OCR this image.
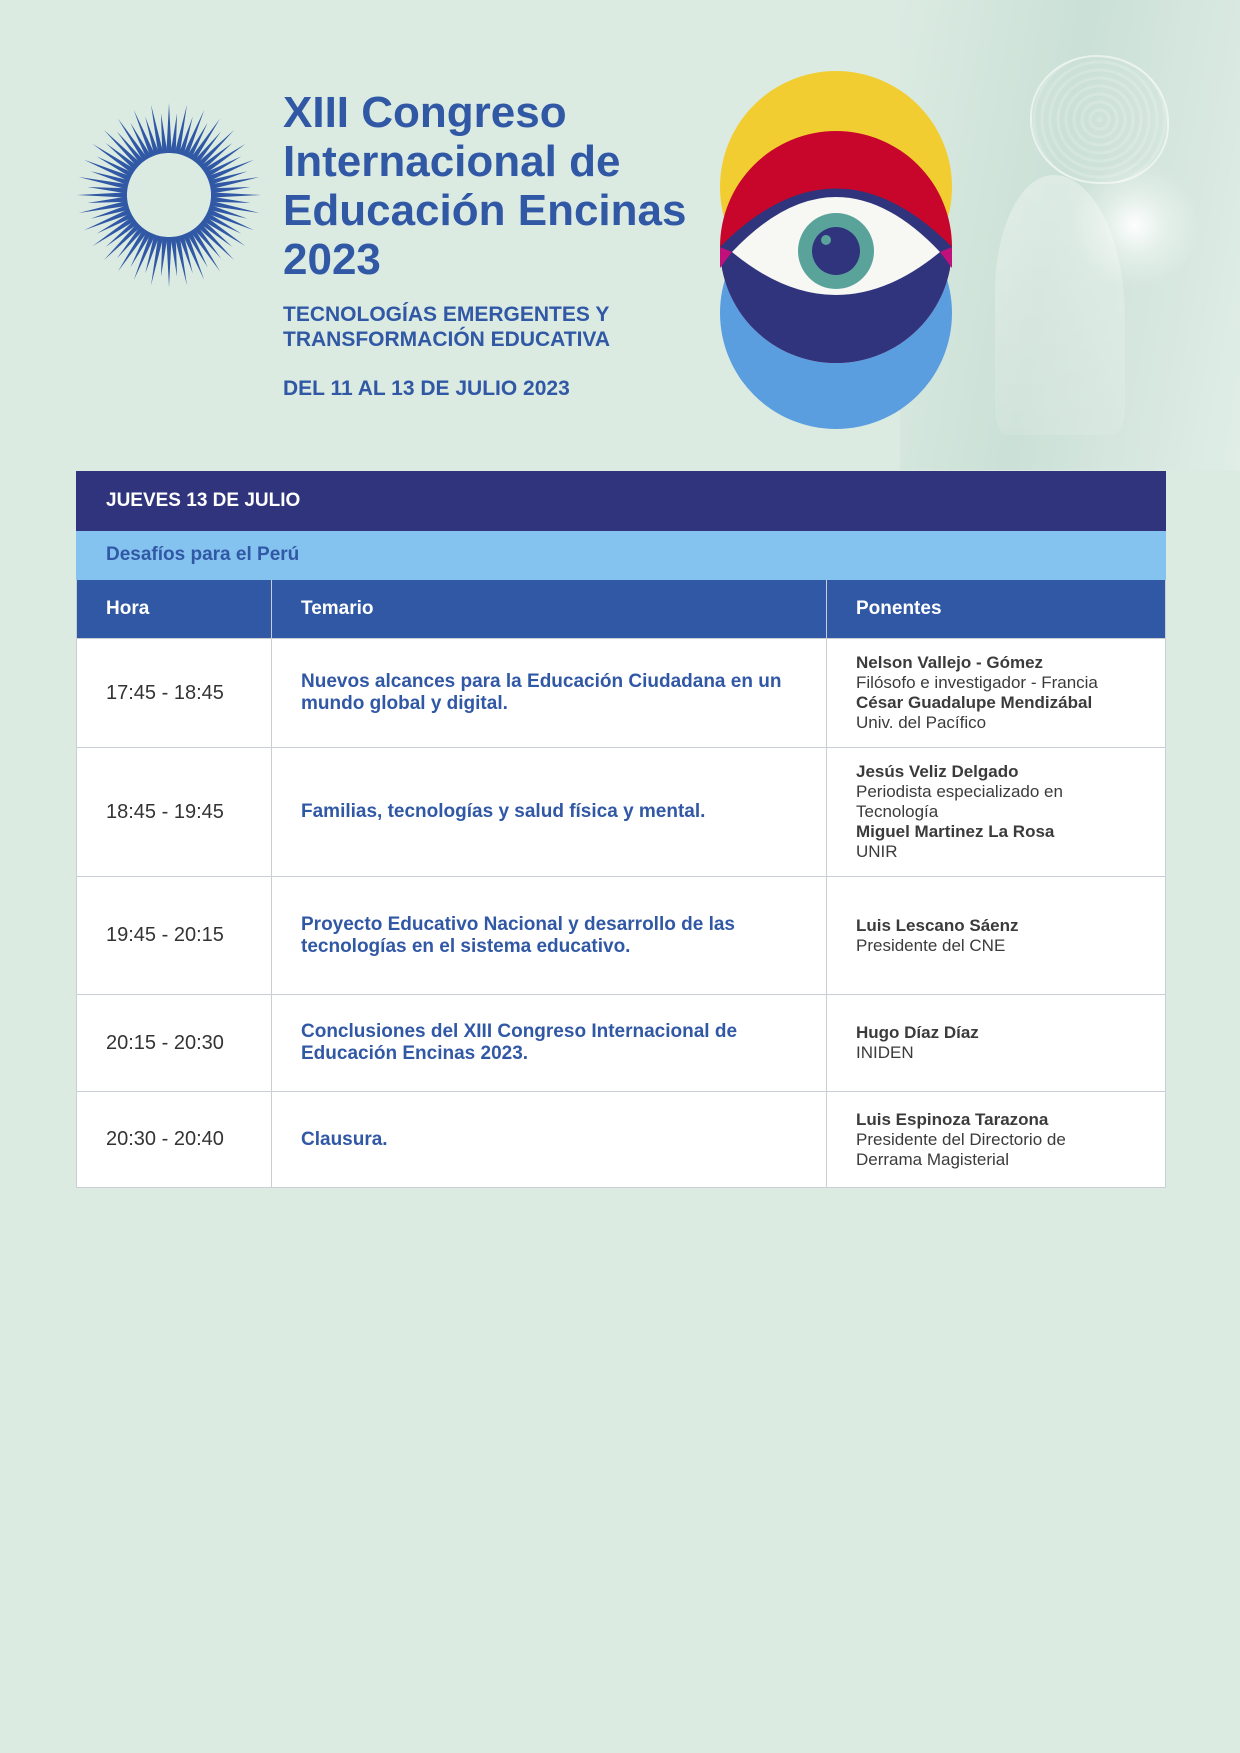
XIII Congreso
Internacional de
Educación Encinas
2023

TECNOLOGÍAS EMERGENTES Y
TRANSFORMACIÓN EDUCATIVA

DEL 11 AL 13 DE JULIO 2023

JUEVES 13 DE JULIO		
Desafíos para el Perú		
Hora	Temario	Ponentes
17:45 - 18:45	Nuevos alcances para la Educación Ciudadana en un mundo global y digital.	Nelson Vallejo - Gómez
Filósofo e investigador - Francia
César Guadalupe Mendizábal
Univ. del Pacífico

18:45 - 19:45	Familias, tecnologías y salud física y mental.	Jesús Veliz Delgado
Periodista especializado en Tecnología
Miguel Martinez La Rosa
UNIR

19:45 - 20:15	Proyecto Educativo Nacional y desarrollo de las tecnologías en el sistema educativo.	Luis Lescano Sáenz
Presidente del CNE

20:15 - 20:30	Conclusiones del XIII Congreso Internacional de Educación Encinas 2023.	Hugo Díaz Díaz
INIDEN

20:30 - 20:40	Clausura.	Luis Espinoza Tarazona
Presidente del Directorio de Derrama Magisterial
